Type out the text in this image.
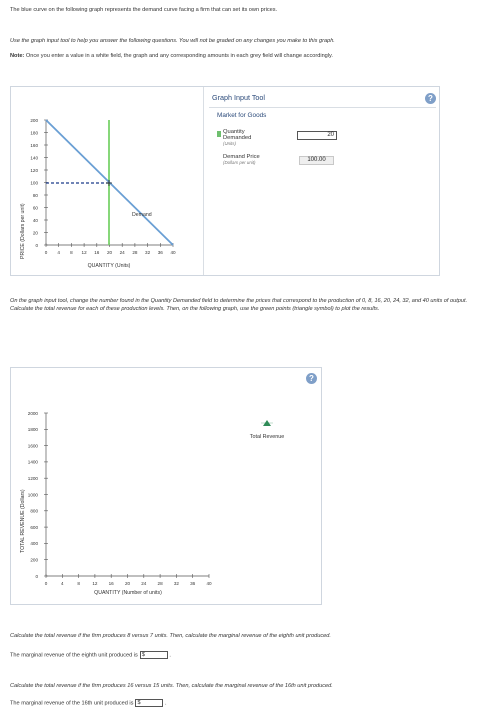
The blue curve on the following graph represents the demand curve facing a firm that can set its own prices.
Use the graph input tool to help you answer the following questions. You will not be graded on any changes you make to this graph.
Note: Once you enter a value in a white field, the graph and any corresponding amounts in each grey field will change accordingly.
PRICE (Dollars per unit)
200
180
160
140
120
100
80
60
40
20
0
0 4 8 12 16 20 24 28 32 36 40
Demand
QUANTITY (Units)
Graph Input Tool	?
Market for Goods
Quantity
Demanded
(Units)
20
Demand Price
(Dollars per unit)	100.00
On the graph input tool, change the number found in the Quantity Demanded field to determine the prices that correspond to the production of 0, 8, 16, 20, 24, 32, and 40 units of output. Calculate the total revenue for each of these production levels. Then, on the following graph, use the green points (triangle symbol) to plot the results.
?
TOTAL REVENUE (Dollars)
2000
1800
1600
1400
1200
1000
800
600
400
200
0
0	4	8	12 16 20 24 28 32 36 40
QUANTITY (Number of units)
Total Revenue
Calculate the total revenue if the firm produces 8 versus 7 units. Then, calculate the marginal revenue of the eighth unit produced.
The marginal revenue of the eighth unit produced is $	.
Calculate the total revenue if the firm produces 16 versus 15 units. Then, calculate the marginal revenue of the 16th unit produced.
The marginal revenue of the 16th unit produced is $	.
